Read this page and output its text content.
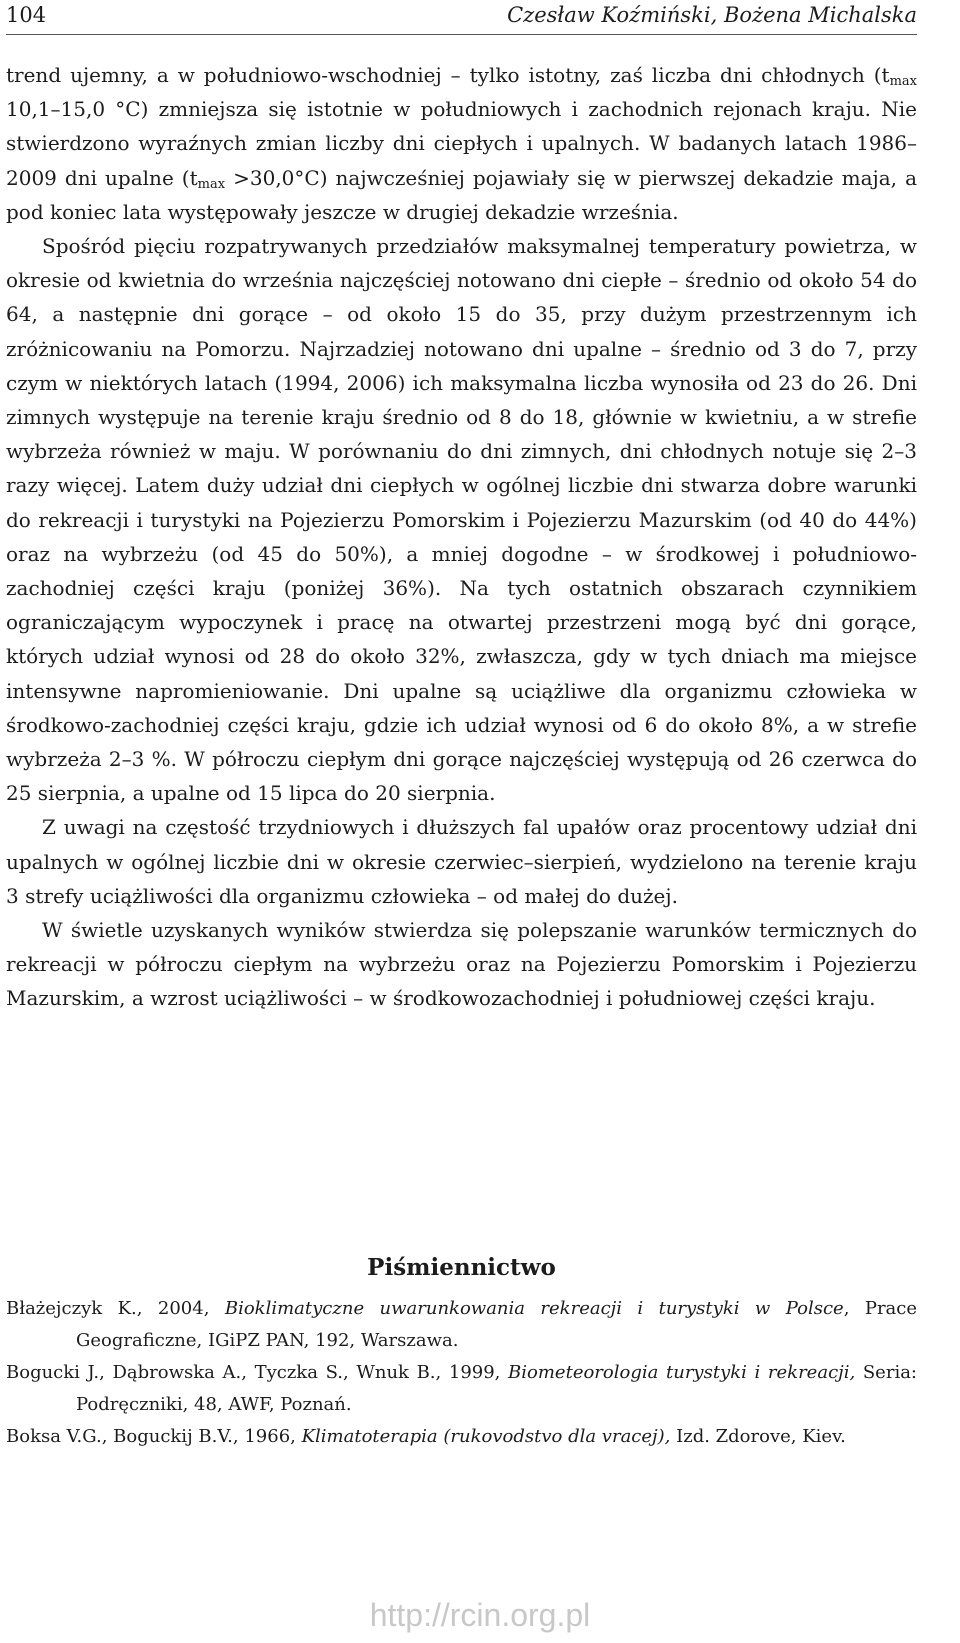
104	Czesław Koźmiński, Bożena Michalska

trend ujemny, a w południowo-wschodniej – tylko istotny, zaś liczba dni chłodnych ($t_{max}$ 10,1–15,0 °C) zmniejsza się istotnie w południowych i zachodnich rejonach kraju. Nie stwierdzono wyraźnych zmian liczby dni ciepłych i upalnych. W badanych latach 1986–2009 dni upalne $(t_{max} >30,0^\circ C)$ najwcześniej pojawiały się w pierwszej dekadzie maja, a pod koniec lata występowały jeszcze w drugiej dekadzie września.

Spośród pięciu rozpatrywanych przedziałów maksymalnej temperatury powietrza, w okresie od kwietnia do września najczęściej notowano dni ciepłe – średnio od około 54 do 64, a następnie dni gorące – od około 15 do 35, przy dużym przestrzennym ich zróżnicowaniu na Pomorzu. Najrzadziej notowano dni upalne – średnio od 3 do 7, przy czym w niektórych latach (1994, 2006) ich maksymalna liczba wynosiła od 23 do 26. Dni zimnych występuje na terenie kraju średnio od 8 do 18, głównie w kwietniu, a w strefie wybrzeża również w maju. W porównaniu do dni zimnych, dni chłodnych notuje się 2–3 razy więcej. Latem duży udział dni ciepłych w ogólnej liczbie dni stwarza dobre warunki do rekreacji i turystyki na Pojezierzu Pomorskim i Pojezierzu Mazurskim (od 40 do 44%) oraz na wybrzeżu (od 45 do 50%), a mniej dogodne – w środkowej i południowo-zachodniej części kraju (poniżej 36%). Na tych ostatnich obszarach czynnikiem ograniczającym wypoczynek i pracę na otwartej przestrzeni mogą być dni gorące, których udział wynosi od 28 do około 32%, zwłaszcza, gdy w tych dniach ma miejsce intensywne napromieniowanie. Dni upalne są uciążliwe dla organizmu człowieka w środkowo-zachodniej części kraju, gdzie ich udział wynosi od 6 do około 8%, a w strefie wybrzeża 2–3 %. W półroczu ciepłym dni gorące najczęściej występują od 26 czerwca do 25 sierpnia, a upalne od 15 lipca do 20 sierpnia.

Z uwagi na częstość trzydniowych i dłuższych fal upałów oraz procentowy udział dni upalnych w ogólnej liczbie dni w okresie czerwiec–sierpień, wydzielono na terenie kraju 3 strefy uciążliwości dla organizmu człowieka – od małej do dużej.

W świetle uzyskanych wyników stwierdza się polepszanie warunków termicznych do rekreacji w półroczu ciepłym na wybrzeżu oraz na Pojezierzu Pomorskim i Pojezierzu Mazurskim, a wzrost uciążliwości – w środkowozachodniej i południowej części kraju.

Piśmiennictwo

Błażejczyk K., 2004, Bioklimatyczne uwarunkowania rekreacji i turystyki w Polsce, Prace Geograficzne, IGiPZ PAN, 192, Warszawa.

Bogucki J., Dąbrowska A., Tyczka S., Wnuk B., 1999, Biometeorologia turystyki i rekreacji, Seria: Podręczniki, 48, AWF, Poznań.

Boksa V.G., Boguckij B.V., 1966, Klimatoterapia (rukovodstvo dla vracej), Izd. Zdorove, Kiev.

http://rcin.org.pl
